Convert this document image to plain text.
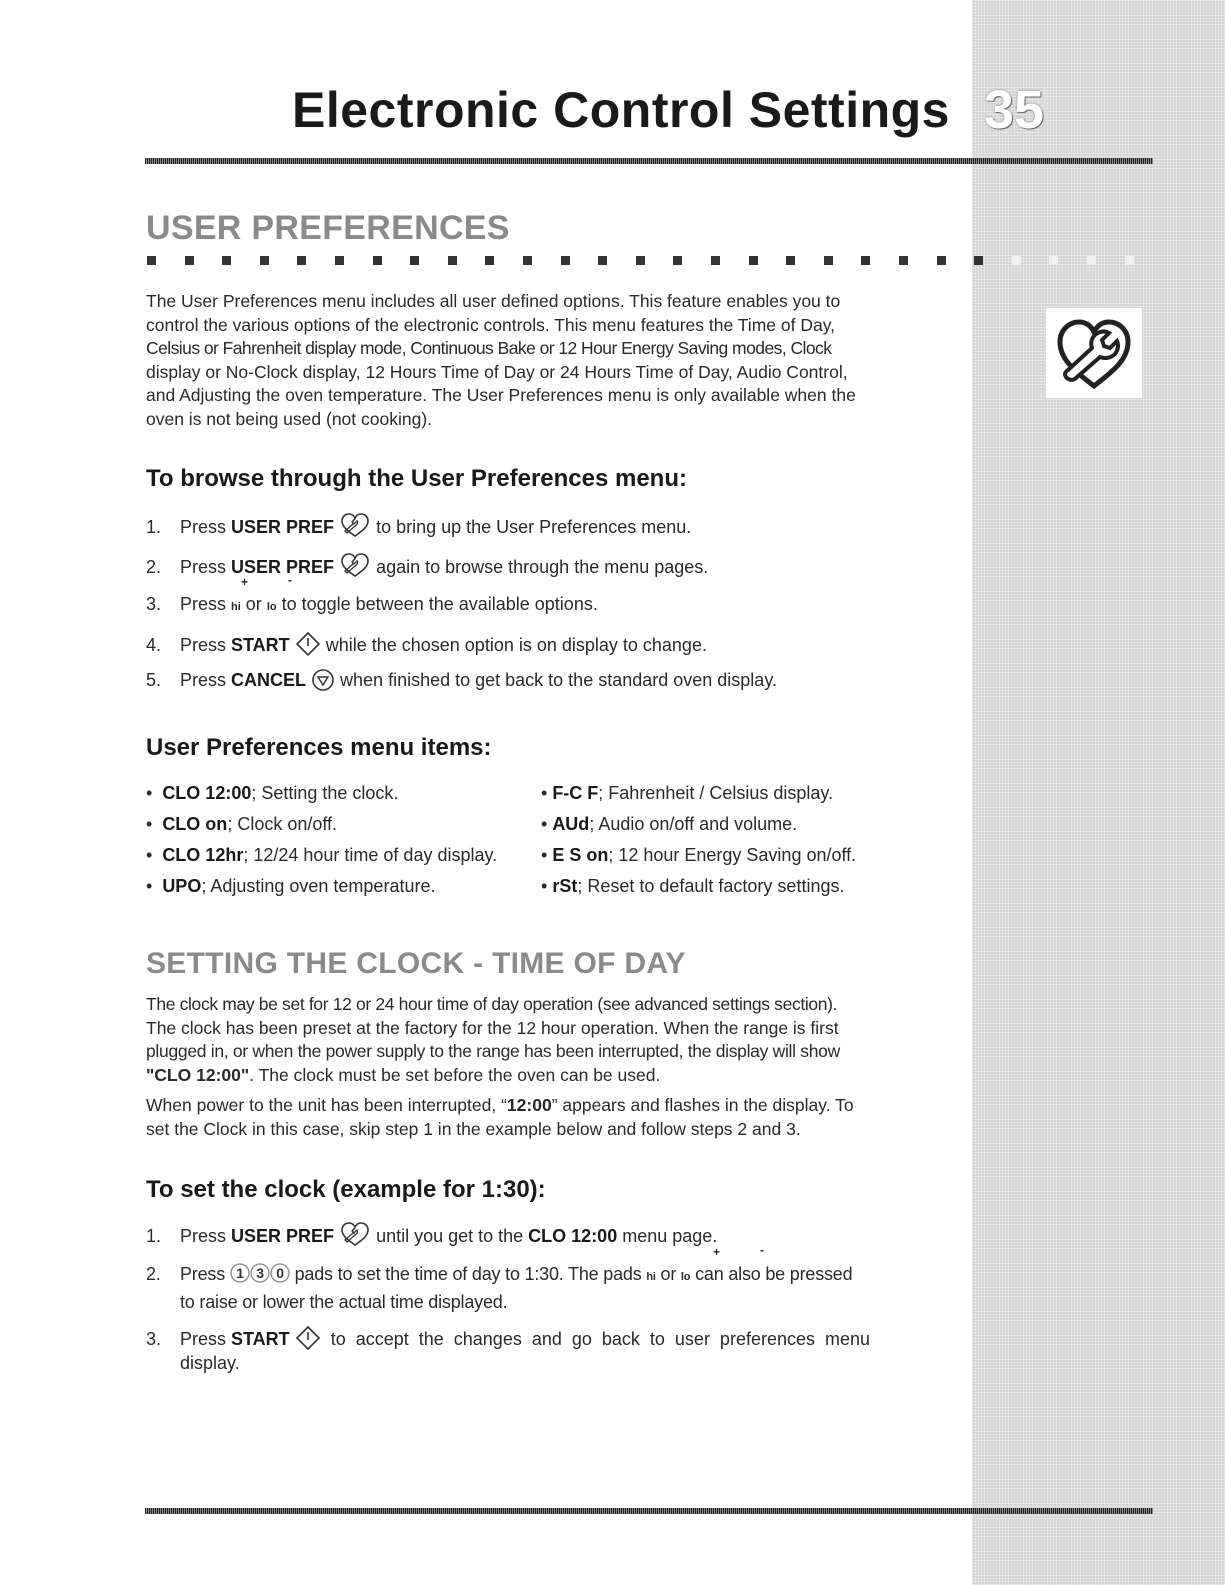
Electronic Control Settings 35
USER PREFERENCES
The User Preferences menu includes all user defined options. This feature enables you to
control the various options of the electronic controls. This menu features the Time of Day,
Celsius or Fahrenheit display mode, Continuous Bake or 12 Hour Energy Saving modes, Clock
display or No-Clock display, 12 Hours Time of Day or 24 Hours Time of Day, Audio Control,
and Adjusting the oven temperature. The User Preferences menu is only available when the
oven is not being used (not cooking).
To browse through the User Preferences menu:
1. Press USER PREF  to bring up the User Preferences menu.
2. Press USER PREF  again to browse through the menu pages.
+	-
3. Press hi or lo to toggle between the available options.
4. Press START  while the chosen option is on display to change.
5. Press CANCEL  when finished to get back to the standard oven display.
User Preferences menu items:
•  CLO 12:00; Setting the clock.
•  CLO on; Clock on/off.
•  CLO 12hr; 12/24 hour time of day display.
•  UPO; Adjusting oven temperature.
• F-C F; Fahrenheit / Celsius display.
• AUd; Audio on/off and volume.
• E S on; 12 hour Energy Saving on/off.
• rSt; Reset to default factory settings.
SETTING THE CLOCK - TIME OF DAY
The clock may be set for 12 or 24 hour time of day operation (see advanced settings section).
The clock has been preset at the factory for the 12 hour operation. When the range is first
plugged in, or when the power supply to the range has been interrupted, the display will show
"CLO 12:00". The clock must be set before the oven can be used.
When power to the unit has been interrupted, “12:00” appears and flashes in the display. To
set the Clock in this case, skip step 1 in the example below and follow steps 2 and 3.
To set the clock (example for 1:30):
1. Press USER PREF  until you get to the CLO 12:00 menu page.
+	-
2. Press 1 3 0 pads to set the time of day to 1:30. The pads hi or lo can also be pressed
to raise or lower the actual time displayed.
3. Press START  to accept the changes and go back to user preferences menu
display.
